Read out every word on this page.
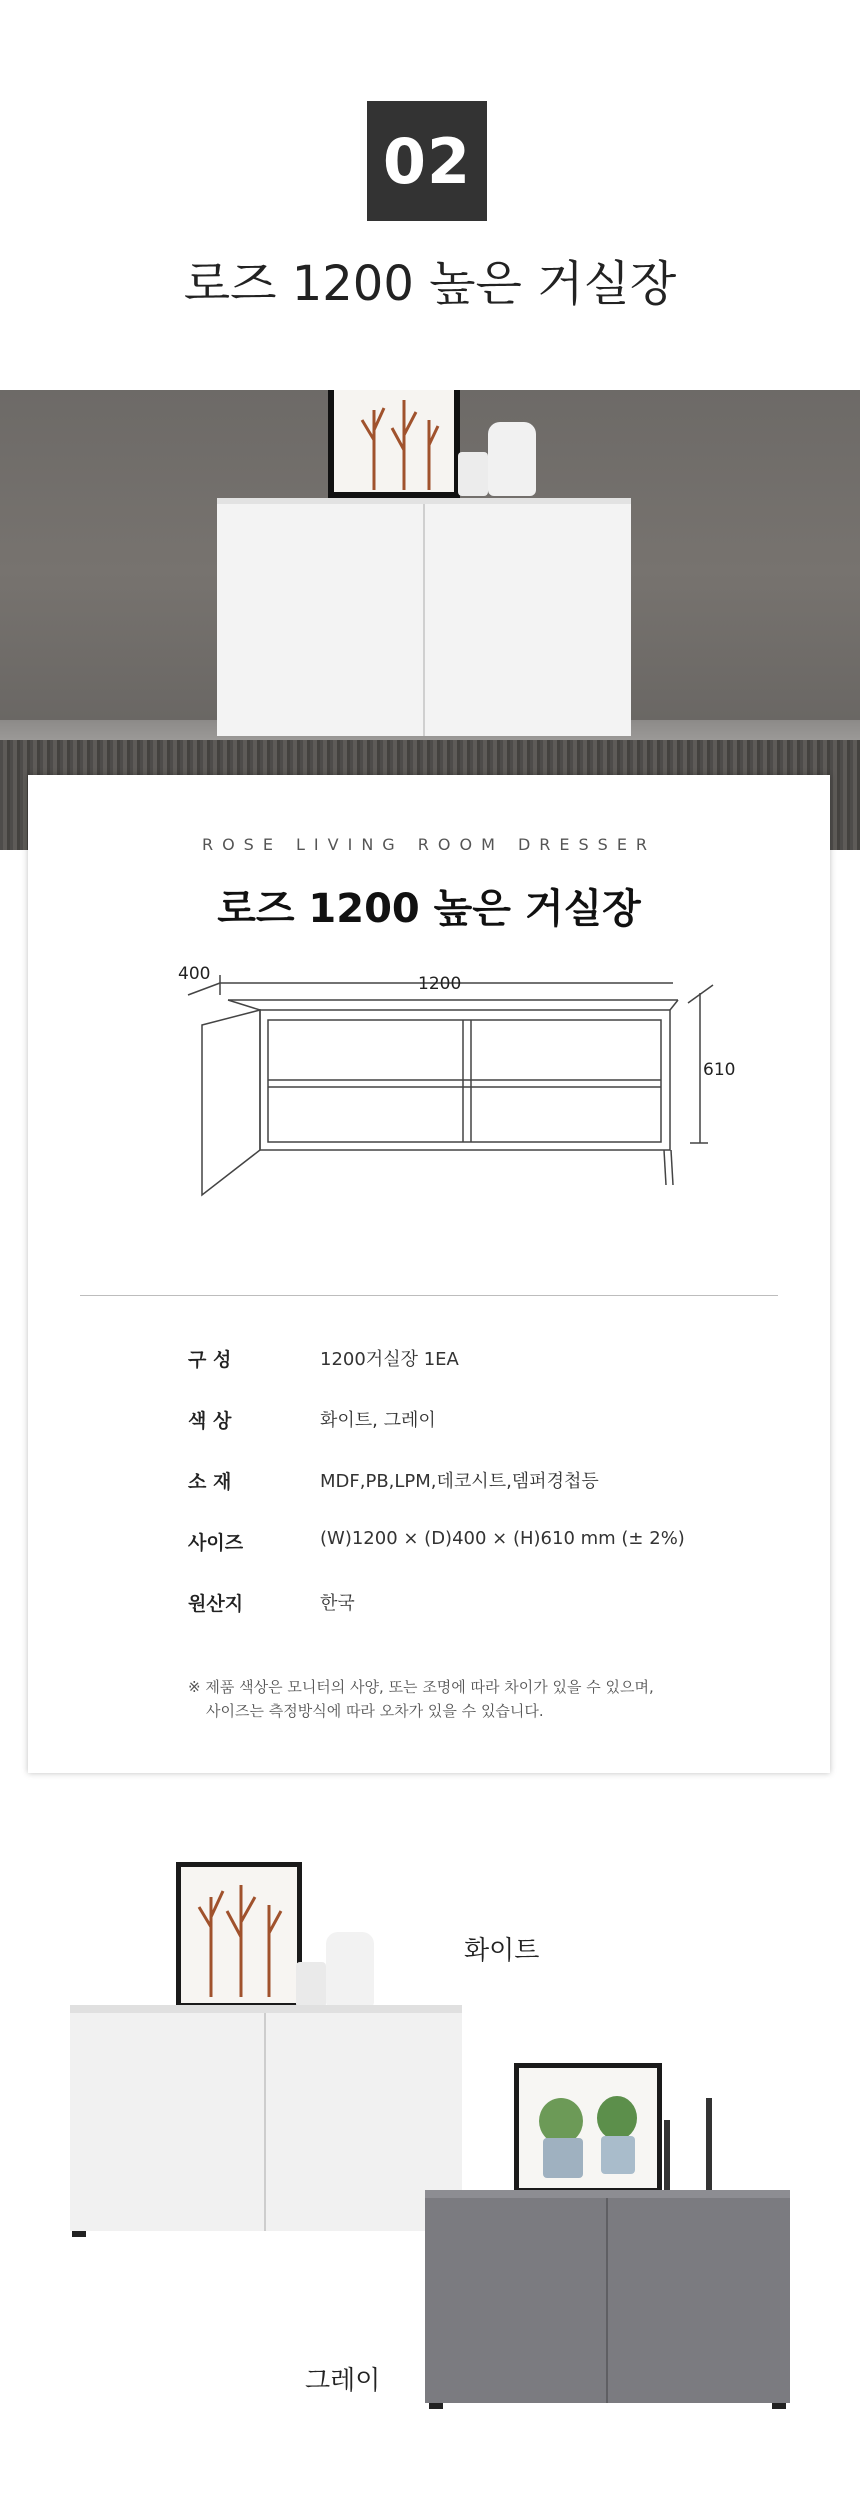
02
로즈 1200 높은 거실장
ROSE LIVING ROOM DRESSER
로즈 1200 높은 거실장
400	1200
610
구 성	1200거실장 1EA
색 상	화이트, 그레이
소 재	MDF,PB,LPM,데코시트,뎀퍼경첩등
사이즈	(W)1200 × (D)400 × (H)610 mm (± 2%)
원산지	한국
※ 제품 색상은 모니터의 사양, 또는 조명에 따라 차이가 있을 수 있으며,
사이즈는 측정방식에 따라 오차가 있을 수 있습니다.
화이트
그레이
